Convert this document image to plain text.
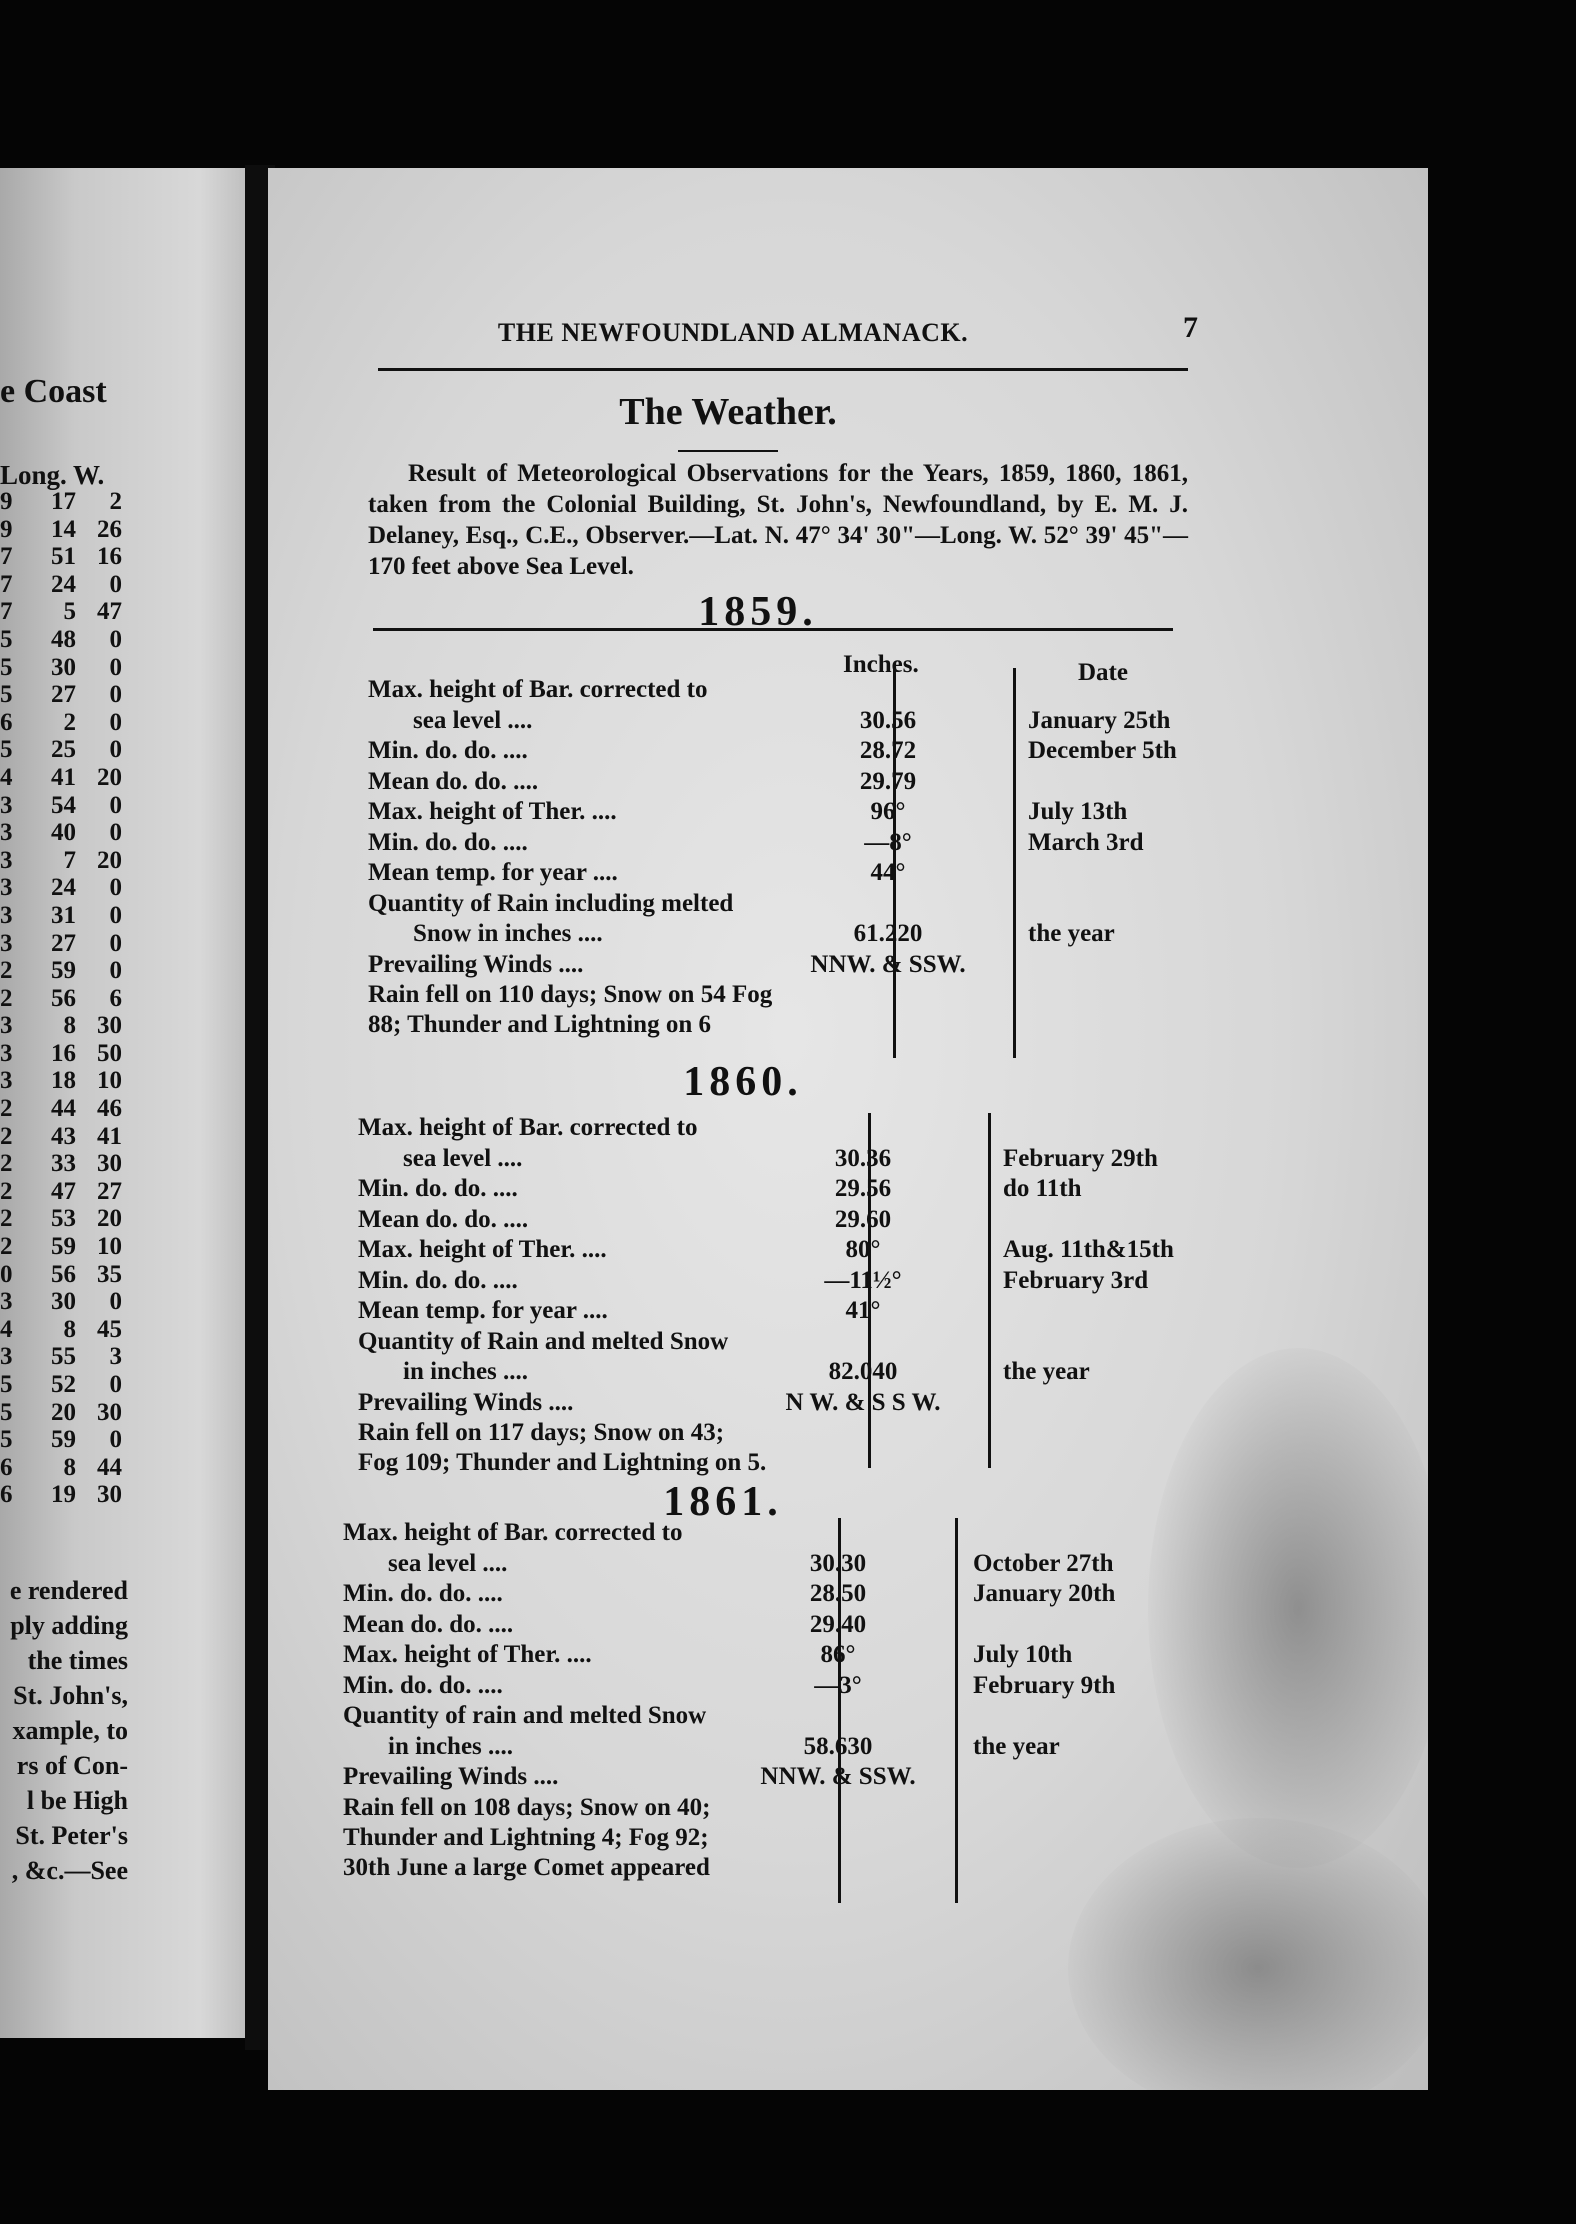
e Coast
Long. W.
9	17	2
9	14 26
7	51 16
7	24	0
7	5 47
5	48	0
5	30	0
5	27	0
6	2	0
5	25	0
4	41 20
3	54	0
3	40	0
3	7 20
3	24	0
3	31	0
3	27	0
2	59	0
2	56	6
3	8 30
3	16 50
3	18 10
2	44 46
2	43 41
2	33 30
2	47 27
2	53 20
2	59 10
0	56 35
3	30	0
4	8 45
3	55	3
5	52	0
5	20 30
5	59	0
6	8 44
6	19 30
e rendered
ply adding
the times
St. John's,
xample, to
rs of Con-
l be High
St. Peter's
, &c.—See
THE NEWFOUNDLAND ALMANACK.	7
The Weather.

Result of Meteorological Observations for the Years, 1859, 1860, 1861, taken from the Colonial Building, St. John's, Newfoundland, by E. M. J. Delaney, Esq., C.E., Observer.—Lat. N. 47° 34' 30"—Long. W. 52° 39' 45"—170 feet above Sea Level.

1859.
Inches.	Date
Max. height of Bar. corrected to
sea level ....	30.56	January 25th
Min. do. do. ....	28.72	December 5th
Mean do. do. ....	29.79
Max. height of Ther. ....	96°	July 13th
Min. do. do. ....	—8°	March 3rd
Mean temp. for year ....	44°
Quantity of Rain including melted
Snow in inches ....	61.220	the year
Prevailing Winds ....	NNW. & SSW.
Rain fell on 110 days; Snow on 54 Fog 88; Thunder and Lightning on 6
1860.
Max. height of Bar. corrected to
sea level ....	30.36	February 29th
Min. do. do. ....	29.56	do 11th
Mean do. do. ....	29.60
Max. height of Ther. ....	80°	Aug. 11th&15th
Min. do. do. ....	—11½°	February 3rd
Mean temp. for year ....	41°
Quantity of Rain and melted Snow
in inches ....	82.040	the year
Prevailing Winds ....	N W. & S S W.
Rain fell on 117 days; Snow on 43; Fog 109; Thunder and Lightning on 5.
1861.
Max. height of Bar. corrected to
sea level ....	30.30	October 27th
Min. do. do. ....	28.50	January 20th
Mean do. do. ....	29.40
Max. height of Ther. ....	86°	July 10th
Min. do. do. ....	—3°	February 9th
Quantity of rain and melted Snow
in inches ....	58.630	the year
Prevailing Winds ....	NNW. & SSW.
Rain fell on 108 days; Snow on 40; Thunder and Lightning 4; Fog 92; 30th June a large Comet appeared
